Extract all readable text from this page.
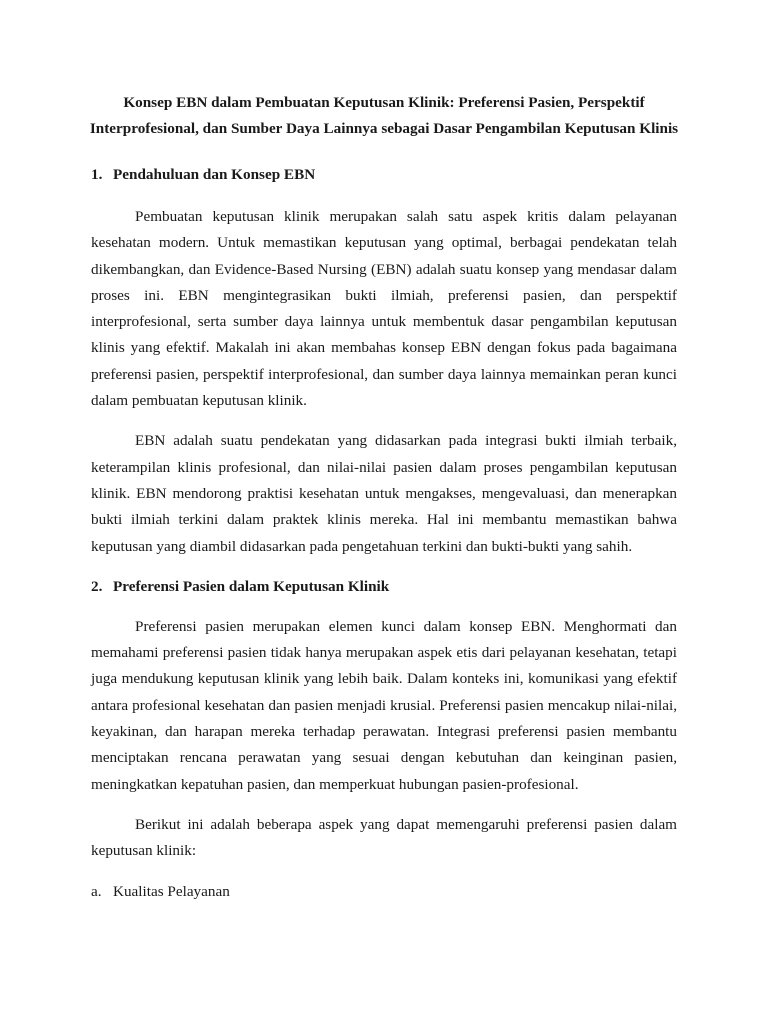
Konsep EBN dalam Pembuatan Keputusan Klinik: Preferensi Pasien, Perspektif
Interprofesional, dan Sumber Daya Lainnya sebagai Dasar Pengambilan Keputusan Klinis
1. Pendahuluan dan Konsep EBN

Pembuatan keputusan klinik merupakan salah satu aspek kritis dalam pelayanan kesehatan modern. Untuk memastikan keputusan yang optimal, berbagai pendekatan telah dikembangkan, dan Evidence-Based Nursing (EBN) adalah suatu konsep yang mendasar dalam proses ini. EBN mengintegrasikan bukti ilmiah, preferensi pasien, dan perspektif interprofesional, serta sumber daya lainnya untuk membentuk dasar pengambilan keputusan klinis yang efektif. Makalah ini akan membahas konsep EBN dengan fokus pada bagaimana preferensi pasien, perspektif interprofesional, dan sumber daya lainnya memainkan peran kunci dalam pembuatan keputusan klinik.

EBN adalah suatu pendekatan yang didasarkan pada integrasi bukti ilmiah terbaik, keterampilan klinis profesional, dan nilai-nilai pasien dalam proses pengambilan keputusan klinik. EBN mendorong praktisi kesehatan untuk mengakses, mengevaluasi, dan menerapkan bukti ilmiah terkini dalam praktek klinis mereka. Hal ini membantu memastikan bahwa keputusan yang diambil didasarkan pada pengetahuan terkini dan bukti-bukti yang sahih.

2. Preferensi Pasien dalam Keputusan Klinik

Preferensi pasien merupakan elemen kunci dalam konsep EBN. Menghormati dan memahami preferensi pasien tidak hanya merupakan aspek etis dari pelayanan kesehatan, tetapi juga mendukung keputusan klinik yang lebih baik. Dalam konteks ini, komunikasi yang efektif antara profesional kesehatan dan pasien menjadi krusial. Preferensi pasien mencakup nilai-nilai, keyakinan, dan harapan mereka terhadap perawatan. Integrasi preferensi pasien membantu menciptakan rencana perawatan yang sesuai dengan kebutuhan dan keinginan pasien, meningkatkan kepatuhan pasien, dan memperkuat hubungan pasien-profesional.

Berikut ini adalah beberapa aspek yang dapat memengaruhi preferensi pasien dalam keputusan klinik:

a. Kualitas Pelayanan
